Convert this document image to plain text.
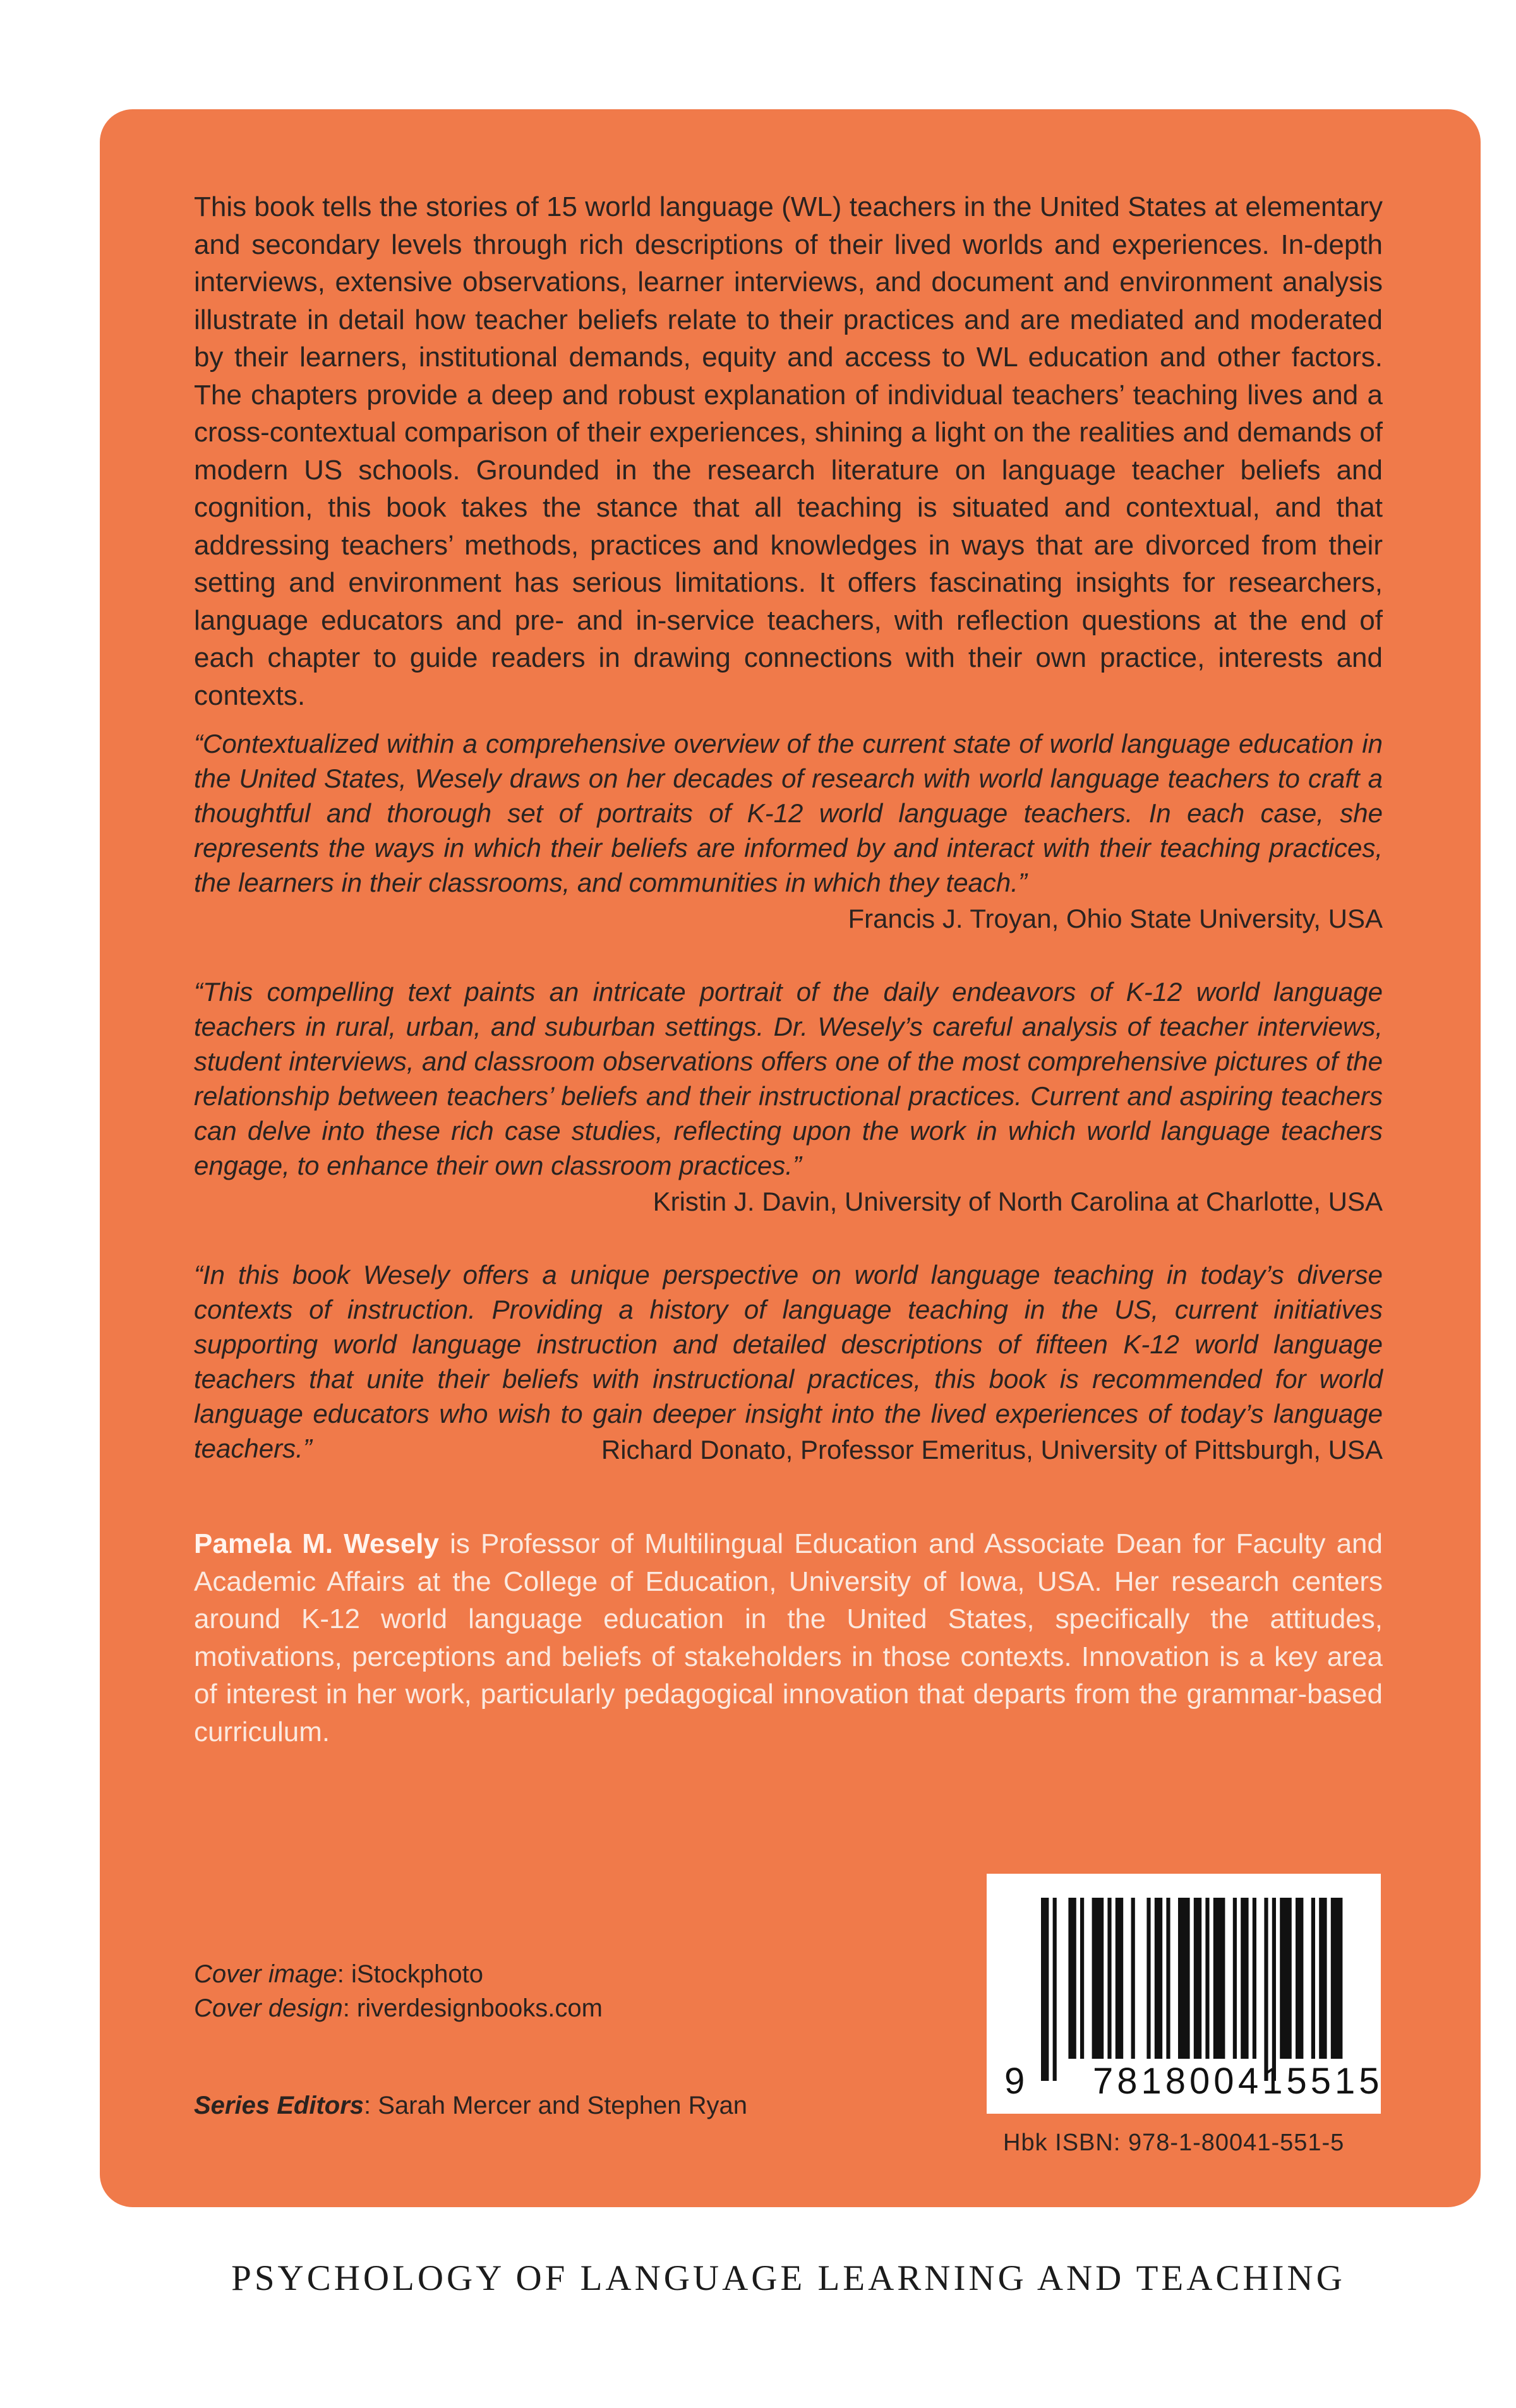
This book tells the stories of 15 world language (WL) teachers in the United States at elementary and secondary levels through rich descriptions of their lived worlds and experiences. In-depth interviews, extensive observations, learner interviews, and document and environment analysis illustrate in detail how teacher beliefs relate to their practices and are mediated and moderated by their learners, institutional demands, equity and access to WL education and other factors. The chapters provide a deep and robust explanation of individual teachers’ teaching lives and a cross-contextual comparison of their experiences, shining a light on the realities and demands of modern US schools. Grounded in the research literature on language teacher beliefs and cognition, this book takes the stance that all teaching is situated and contextual, and that addressing teachers’ methods, practices and knowledges in ways that are divorced from their setting and environment has serious limitations. It offers fascinating insights for researchers, language educators and pre- and in-service teachers, with reflection questions at the end of each chapter to guide readers in drawing connections with their own practice, interests and contexts.
“Contextualized within a comprehensive overview of the current state of world language education in the United States, Wesely draws on her decades of research with world language teachers to craft a thoughtful and thorough set of portraits of K-12 world language teachers. In each case, she represents the ways in which their beliefs are informed by and interact with their teaching practices, the learners in their classrooms, and communities in which they teach.”
Francis J. Troyan, Ohio State University, USA
“This compelling text paints an intricate portrait of the daily endeavors of K-12 world language teachers in rural, urban, and suburban settings. Dr. Wesely’s careful analysis of teacher interviews, student interviews, and classroom observations offers one of the most comprehensive pictures of the relationship between teachers’ beliefs and their instructional practices. Current and aspiring teachers can delve into these rich case studies, reflecting upon the work in which world language teachers engage, to enhance their own classroom practices.”
Kristin J. Davin, University of North Carolina at Charlotte, USA
“In this book Wesely offers a unique perspective on world language teaching in today’s diverse contexts of instruction. Providing a history of language teaching in the US, current initiatives supporting world language instruction and detailed descriptions of fifteen K-12 world language teachers that unite their beliefs with instructional practices, this book is recommended for world language educators who wish to gain deeper insight into the lived experiences of today’s language teachers.”	Richard Donato, Professor Emeritus, University of Pittsburgh, USA
Pamela M. Wesely is Professor of Multilingual Education and Associate Dean for Faculty and Academic Affairs at the College of Education, University of Iowa, USA. Her research centers around K-12 world language education in the United States, specifically the attitudes, motivations, perceptions and beliefs of stakeholders in those contexts. Innovation is a key area of interest in her work, particularly pedagogical innovation that departs from the grammar-based curriculum.
Cover image: iStockphoto
Cover design: riverdesignbooks.com
Series Editors: Sarah Mercer and Stephen Ryan
9 781800 415515
Hbk ISBN: 978-1-80041-551-5
PSYCHOLOGY OF LANGUAGE LEARNING AND TEACHING
